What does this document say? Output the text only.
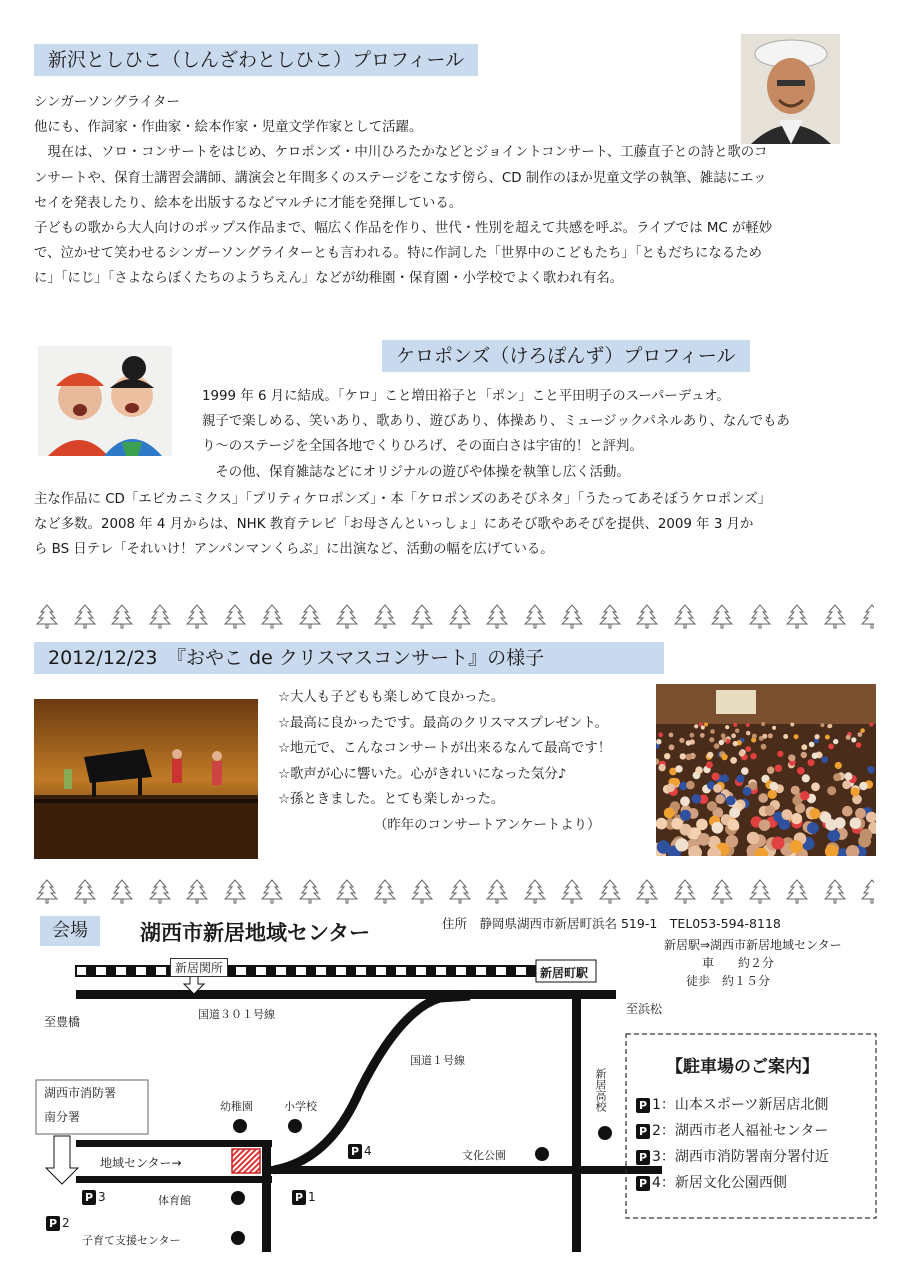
新沢としひこ（しんざわとしひこ）プロフィール

シンガーソングライター

他にも、作詞家・作曲家・絵本作家・児童文学作家として活躍。

　現在は、ソロ・コンサートをはじめ、ケロポンズ・中川ひろたかなどとジョイントコンサート、工藤直子との詩と歌のコ

ンサートや、保育士講習会講師、講演会と年間多くのステージをこなす傍ら、CD 制作のほか児童文学の執筆、雑誌にエッ

セイを発表したり、絵本を出版するなどマルチに才能を発揮している。

子どもの歌から大人向けのポップス作品まで、幅広く作品を作り、世代・性別を超えて共感を呼ぶ。ライブでは MC が軽妙

で、泣かせて笑わせるシンガーソングライターとも言われる。特に作詞した「世界中のこどもたち」「ともだちになるため

に」「にじ」「さよならぼくたちのようちえん」などが幼稚園・保育園・小学校でよく歌われ有名。

ケロポンズ（けろぽんず）プロフィール

1999 年 6 月に結成。「ケロ」こと増田裕子と「ポン」こと平田明子のスーパーデュオ。

親子で楽しめる、笑いあり、歌あり、遊びあり、体操あり、ミュージックパネルあり、なんでもあ

り～のステージを全国各地でくりひろげ、その面白さは宇宙的！と評判。

　その他、保育雑誌などにオリジナルの遊びや体操を執筆し広く活動。

主な作品に CD「エビカニミクス」「プリティケロポンズ」・本「ケロポンズのあそびネタ」「うたってあそぼうケロポンズ」

など多数。2008 年 4 月からは、NHK 教育テレビ「お母さんといっしょ」にあそび歌やあそびを提供、2009 年 3 月か

ら BS 日テレ「それいけ！アンパンマンくらぶ」に出演など、活動の幅を広げている。

2012/12/23　『おやこ de クリスマスコンサート』の様子

☆大人も子どもも楽しめて良かった。

☆最高に良かったです。最高のクリスマスプレゼント。

☆地元で、こんなコンサートが出来るなんて最高です！

☆歌声が心に響いた。心がきれいになった気分♪

☆孫ときました。とても楽しかった。

（昨年のコンサートアンケートより）

会場	湖西市新居地域センター	住所　静岡県湖西市新居町浜名 519-1　TEL053-594-8118
新居駅⇒湖西市新居地域センター
車　　約２分
徒歩　約１５分
新居関所	新居町駅
国道３０１号線
国道１号線
至豊橋
至浜松
湖西市消防署
南分署
幼稚園	小学校
地域センター→
文化公園
新居高校
体育館
子育て支援センター
P 4
P 3	P 1
P 2
【駐車場のご案内】
P 1：山本スポーツ新居店北側
P 2：湖西市老人福祉センター
P 3：湖西市消防署南分署付近
P 4：新居文化公園西側
